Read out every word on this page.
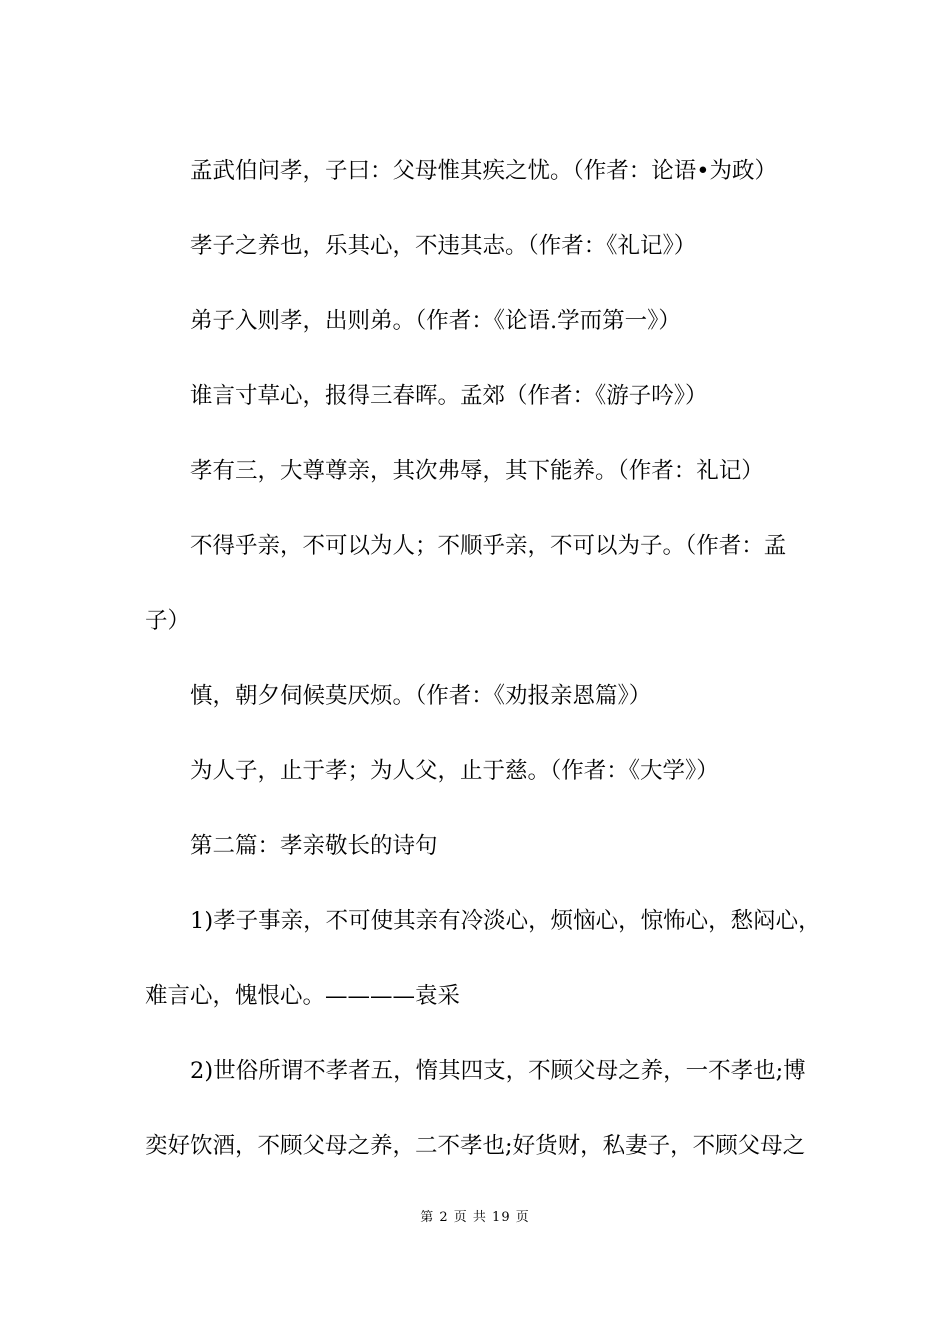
孟武伯问孝，子曰：父母惟其疾之忧。（作者：论语•为政）
孝子之养也，乐其心，不违其志。（作者：《礼记》）
弟子入则孝，出则弟。（作者：《论语.学而第一》）
谁言寸草心，报得三春晖。孟郊（作者：《游子吟》）
孝有三，大尊尊亲，其次弗辱，其下能养。（作者：礼记）
不得乎亲，不可以为人；不顺乎亲，不可以为子。（作者：孟
子）
慎，朝夕伺候莫厌烦。（作者：《劝报亲恩篇》）
为人子，止于孝；为人父，止于慈。（作者：《大学》）
第二篇：孝亲敬长的诗句
1)孝子事亲，不可使其亲有冷淡心，烦恼心，惊怖心，愁闷心，
难言心，愧恨心。————袁采
2)世俗所谓不孝者五，惰其四支，不顾父母之养，一不孝也;博
奕好饮酒，不顾父母之养，二不孝也;好货财，私妻子，不顾父母之
第 2 页 共 19 页
